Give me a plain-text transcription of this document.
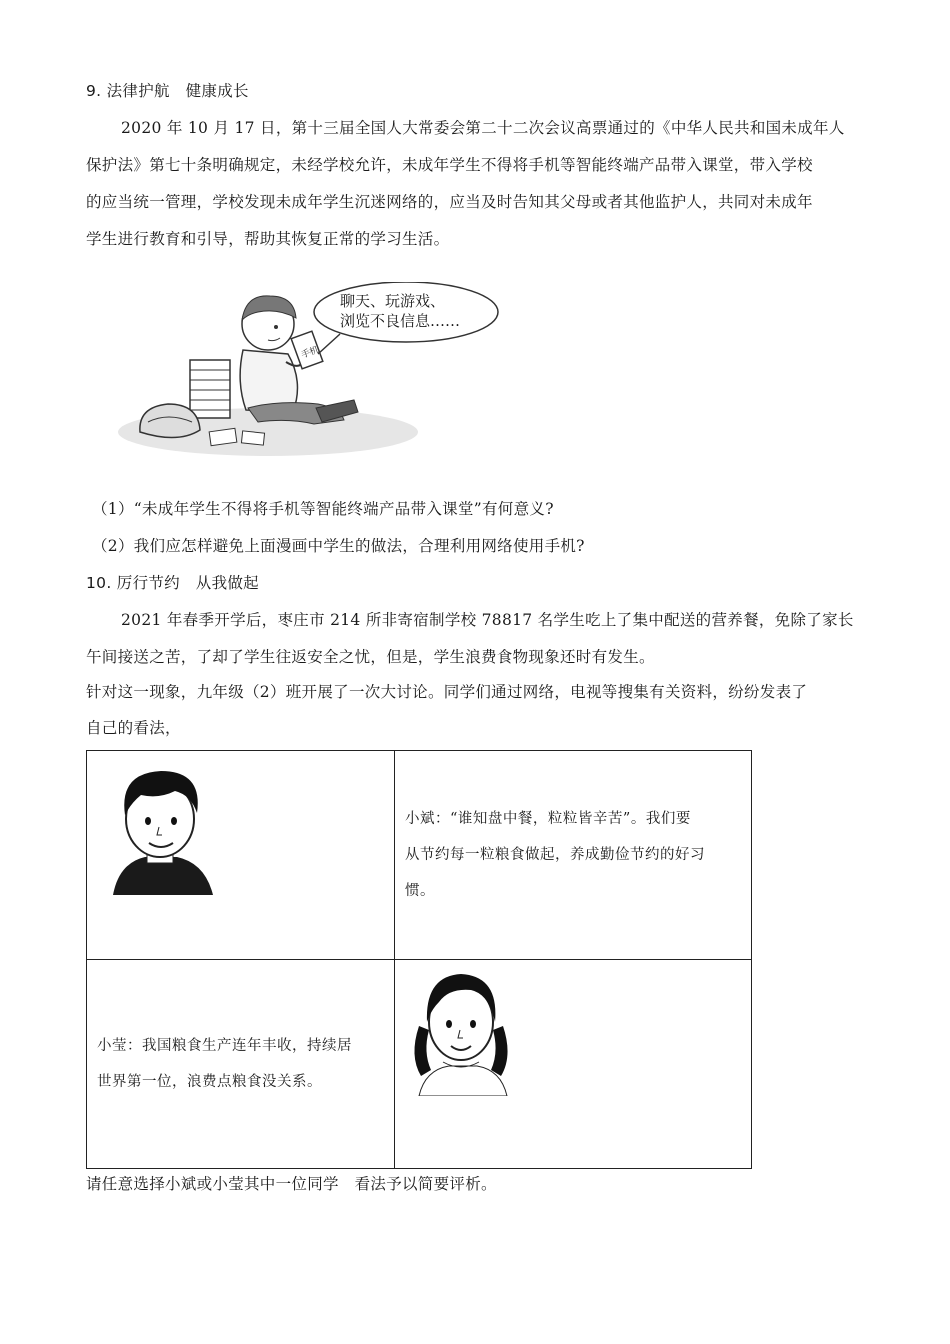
9. 法律护航　健康成长
2020 年 10 月 17 日，第十三届全国人大常委会第二十二次会议高票通过的《中华人民共和国未成年人
保护法》第七十条明确规定，未经学校允许，未成年学生不得将手机等智能终端产品带入课堂，带入学校
的应当统一管理，学校发现未成年学生沉迷网络的，应当及时告知其父母或者其他监护人，共同对未成年
学生进行教育和引导，帮助其恢复正常的学习生活。
手机
聊天、玩游戏、
浏览不良信息……
（1）“未成年学生不得将手机等智能终端产品带入课堂”有何意义?
（2）我们应怎样避免上面漫画中学生的做法，合理利用网络使用手机?
10. 厉行节约　从我做起
2021 年春季开学后，枣庄市 214 所非寄宿制学校 78817 名学生吃上了集中配送的营养餐，免除了家长
午间接送之苦，了却了学生往返安全之忧，但是，学生浪费食物现象还时有发生。
针对这一现象，九年级（2）班开展了一次大讨论。同学们通过网络，电视等搜集有关资料，纷纷发表了
自己的看法，

小斌：“谁知盘中餐，粒粒皆辛苦”。我们要
从节约每一粒粮食做起，养成勤俭节约的好习
惯。

小莹：我国粮食生产连年丰收，持续居
世界第一位，浪费点粮食没关系。

请任意选择小斌或小莹其中一位同学　看法予以简要评析。
